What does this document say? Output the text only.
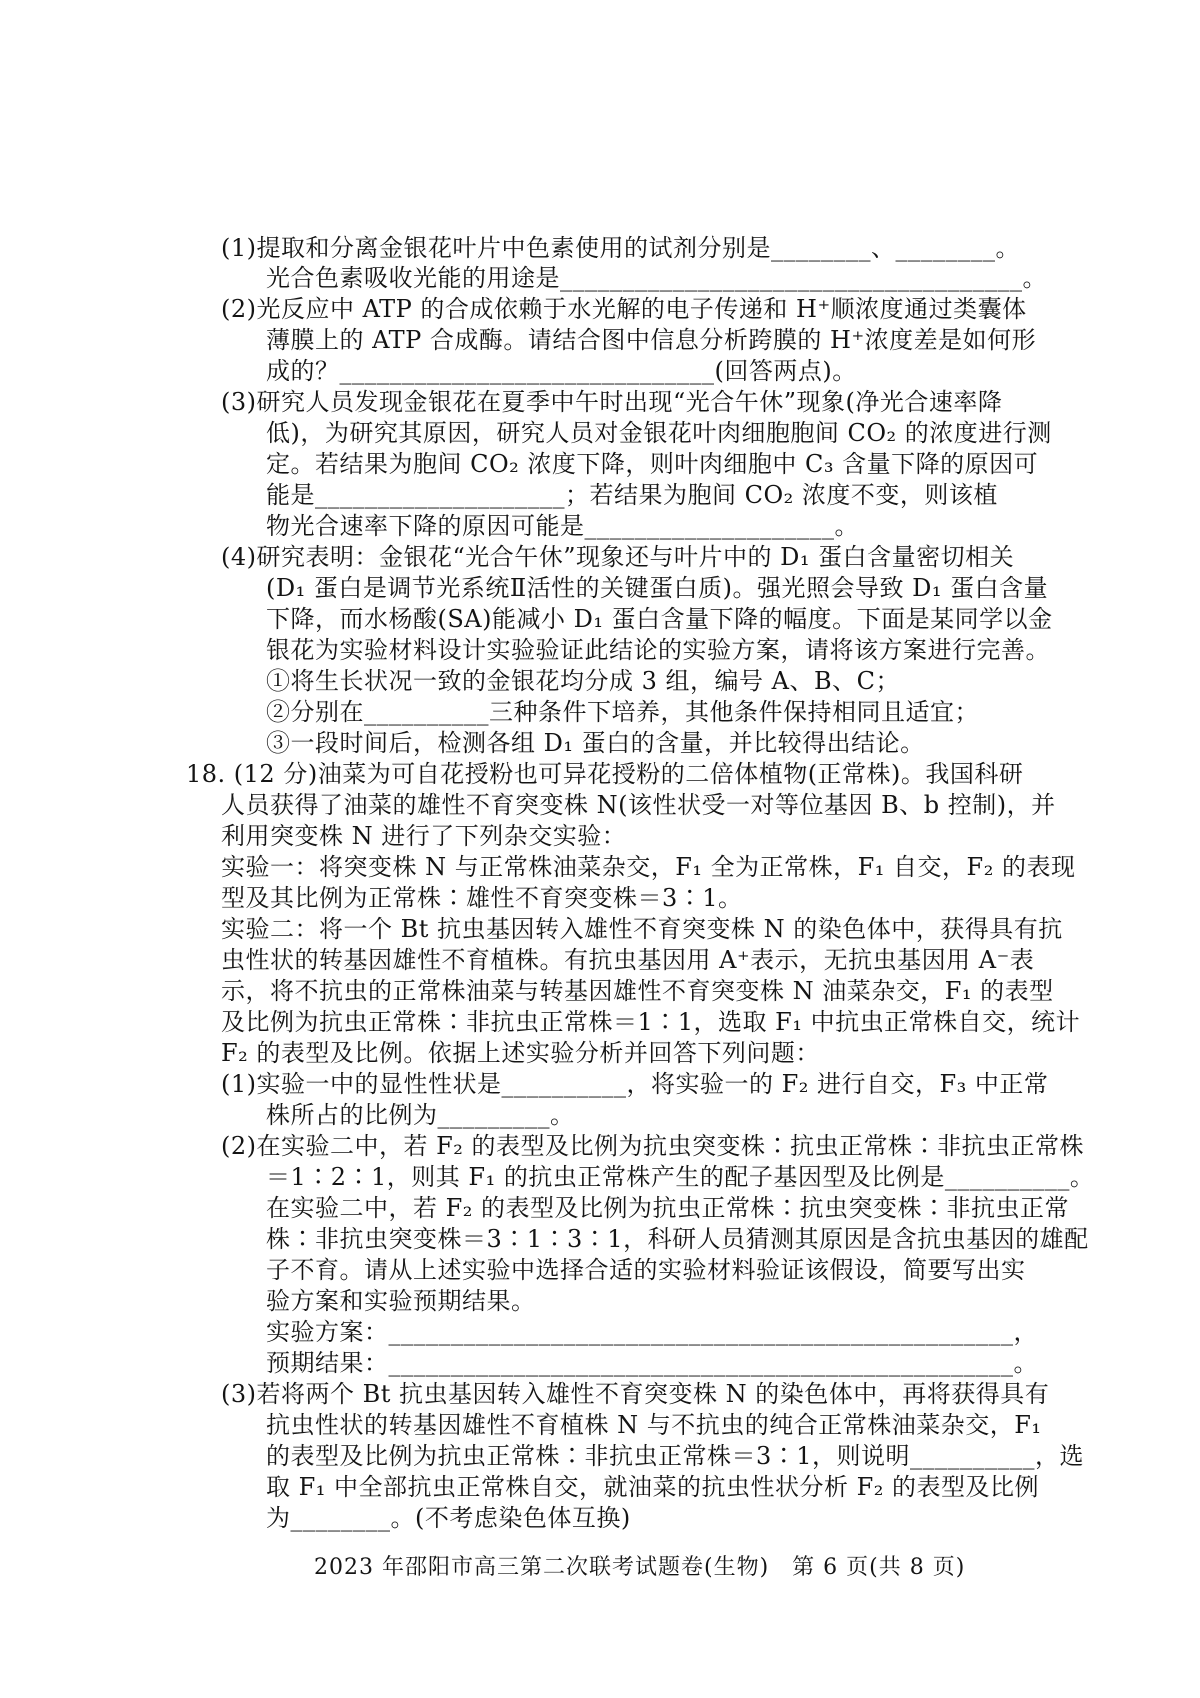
(1)提取和分离金银花叶片中色素使用的试剂分别是________、________。
光合色素吸收光能的用途是_____________________________________。
(2)光反应中 ATP 的合成依赖于水光解的电子传递和 H⁺顺浓度通过类囊体
薄膜上的 ATP 合成酶。请结合图中信息分析跨膜的 H⁺浓度差是如何形
成的？______________________________(回答两点)。
(3)研究人员发现金银花在夏季中午时出现“光合午休”现象(净光合速率降
低)，为研究其原因，研究人员对金银花叶肉细胞胞间 CO₂ 的浓度进行测
定。若结果为胞间 CO₂ 浓度下降，则叶肉细胞中 C₃ 含量下降的原因可
能是____________________；若结果为胞间 CO₂ 浓度不变，则该植
物光合速率下降的原因可能是____________________。
(4)研究表明：金银花“光合午休”现象还与叶片中的 D₁ 蛋白含量密切相关
(D₁ 蛋白是调节光系统Ⅱ活性的关键蛋白质)。强光照会导致 D₁ 蛋白含量
下降，而水杨酸(SA)能减小 D₁ 蛋白含量下降的幅度。下面是某同学以金
银花为实验材料设计实验验证此结论的实验方案，请将该方案进行完善。
①将生长状况一致的金银花均分成 3 组，编号 A、B、C；
②分别在__________三种条件下培养，其他条件保持相同且适宜；
③一段时间后，检测各组 D₁ 蛋白的含量，并比较得出结论。
18. (12 分)油菜为可自花授粉也可异花授粉的二倍体植物(正常株)。我国科研
人员获得了油菜的雄性不育突变株 N(该性状受一对等位基因 B、b 控制)，并
利用突变株 N 进行了下列杂交实验：
实验一：将突变株 N 与正常株油菜杂交，F₁ 全为正常株，F₁ 自交，F₂ 的表现
型及其比例为正常株∶雄性不育突变株＝3∶1。
实验二：将一个 Bt 抗虫基因转入雄性不育突变株 N 的染色体中，获得具有抗
虫性状的转基因雄性不育植株。有抗虫基因用 A⁺表示，无抗虫基因用 A⁻表
示，将不抗虫的正常株油菜与转基因雄性不育突变株 N 油菜杂交，F₁ 的表型
及比例为抗虫正常株∶非抗虫正常株＝1∶1，选取 F₁ 中抗虫正常株自交，统计
F₂ 的表型及比例。依据上述实验分析并回答下列问题：
(1)实验一中的显性性状是__________，将实验一的 F₂ 进行自交，F₃ 中正常
株所占的比例为_________。
(2)在实验二中，若 F₂ 的表型及比例为抗虫突变株∶抗虫正常株∶非抗虫正常株
＝1∶2∶1，则其 F₁ 的抗虫正常株产生的配子基因型及比例是__________。
在实验二中，若 F₂ 的表型及比例为抗虫正常株∶抗虫突变株∶非抗虫正常
株∶非抗虫突变株＝3∶1∶3∶1，科研人员猜测其原因是含抗虫基因的雄配
子不育。请从上述实验中选择合适的实验材料验证该假设，简要写出实
验方案和实验预期结果。
实验方案：__________________________________________________，
预期结果：__________________________________________________。
(3)若将两个 Bt 抗虫基因转入雄性不育突变株 N 的染色体中，再将获得具有
抗虫性状的转基因雄性不育植株 N 与不抗虫的纯合正常株油菜杂交，F₁
的表型及比例为抗虫正常株∶非抗虫正常株＝3∶1，则说明__________，选
取 F₁ 中全部抗虫正常株自交，就油菜的抗虫性状分析 F₂ 的表型及比例
为________。(不考虑染色体互换)
2023 年邵阳市高三第二次联考试题卷(生物)　第 6 页(共 8 页)
